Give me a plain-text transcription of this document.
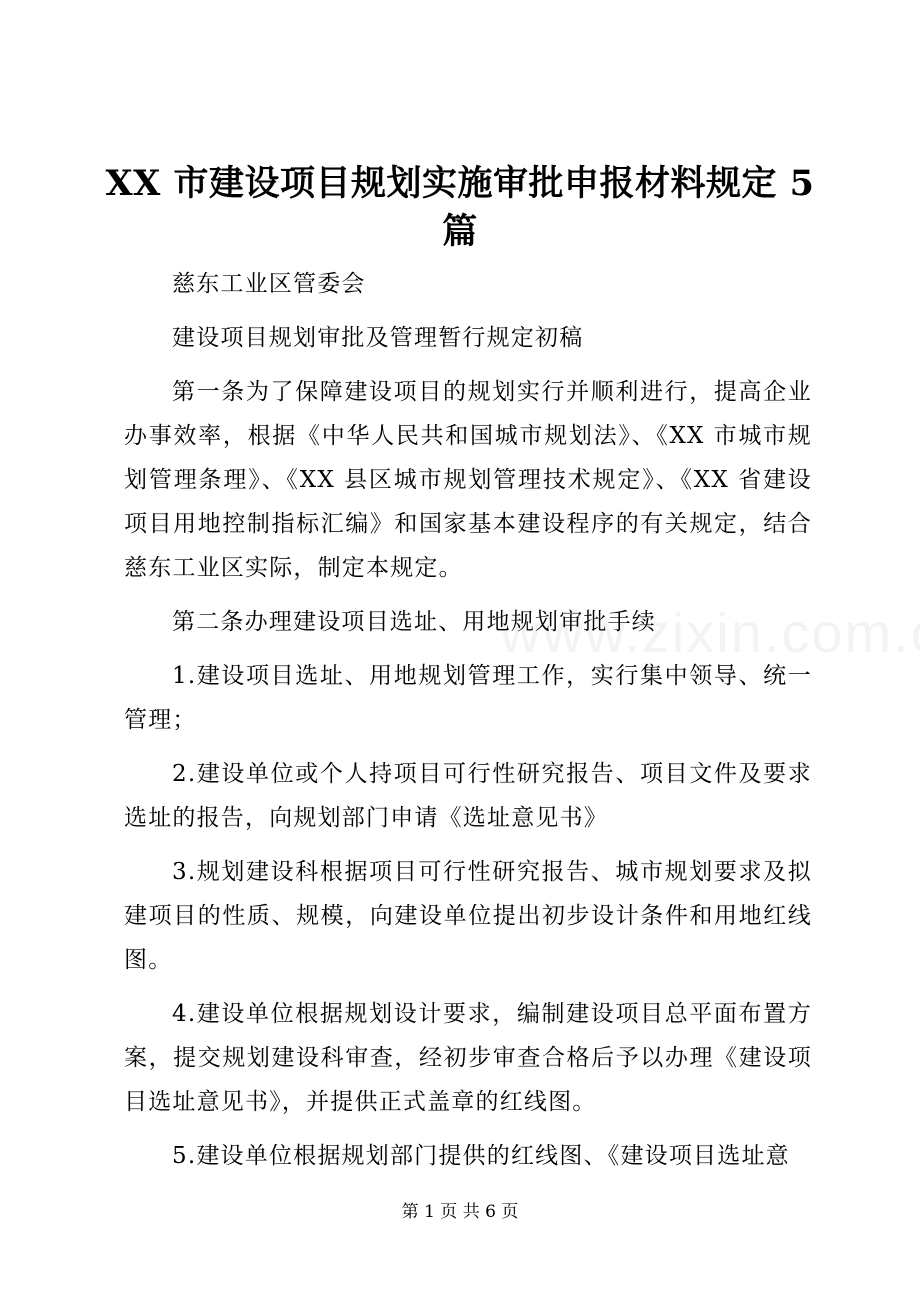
XX 市建设项目规划实施审批申报材料规定 5 篇

慈东工业区管委会

建设项目规划审批及管理暂行规定初稿

第一条为了保障建设项目的规划实行并顺利进行，提高企业办事效率，根据《中华人民共和国城市规划法》、《XX 市城市规划管理条理》、《XX 县区城市规划管理技术规定》、《XX 省建设项目用地控制指标汇编》和国家基本建设程序的有关规定，结合慈东工业区实际，制定本规定。

第二条办理建设项目选址、用地规划审批手续

1.建设项目选址、用地规划管理工作，实行集中领导、统一管理；

2.建设单位或个人持项目可行性研究报告、项目文件及要求选址的报告，向规划部门申请《选址意见书》

3.规划建设科根据项目可行性研究报告、城市规划要求及拟建项目的性质、规模，向建设单位提出初步设计条件和用地红线图。

4.建设单位根据规划设计要求，编制建设项目总平面布置方案，提交规划建设科审查，经初步审查合格后予以办理《建设项目选址意见书》，并提供正式盖章的红线图。

5.建设单位根据规划部门提供的红线图、《建设项目选址意

第 1 页 共 6 页
